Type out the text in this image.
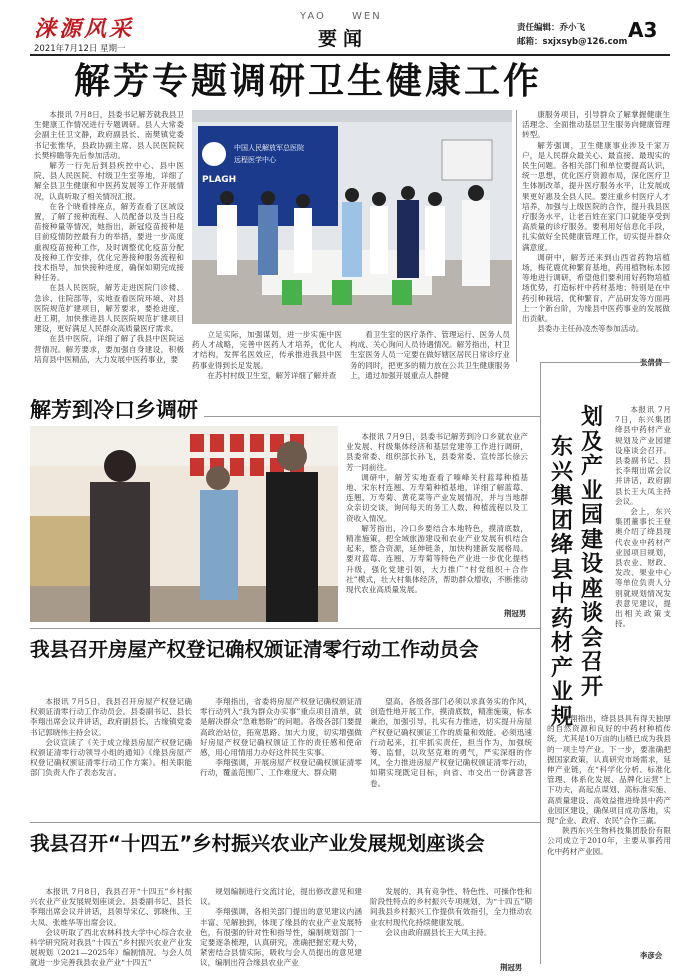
涞源风采
2021年7月12日 星期一
YAO	WEN
要闻	责任编辑：乔小飞
邮箱：sxjxsyb@126.com A3
解芳专题调研卫生健康工作

本报讯 7月8日，县委书记解芳就我县卫生健康工作情况进行专题调研。县人大常委会副主任卫文静，政府副县长、南樊镇党委书记张惟华，县政协副主席、县人民医院院长樊梓瞻等先后参加活动。

解芳一行先后到县疾控中心、县中医院、县人民医院、村级卫生室等地，详细了解全县卫生健康和中医药发展等工作开展情况，认真听取了相关情况汇报。

在各个晓看排座点，解芳查看了区域设置，了解了接种流程、人员配备以及当日疫苗接种量等情况，她指出，新冠疫苗接种是目前疫情防控最有力的举措，要进一步高度重视疫苗接种工作，及时调整优化疫苗分配及接种工作安排，优化完善接种服务流程和技术指导，加快接种进度，确保如期完成接种任务。

在县人民医院，解芳走进医院门诊楼、急诊、住院部等，实地查看医院环境、对县医院规范扩建项目，解芳要求，要抢进度、赶工期，加快推进县人民医院规范扩建项目建设，更好满足人民群众高质量医疗需求。

在县中医院，详细了解了我县中医院运营情况。解芳要求，要加强自身建设，积极培育县中医精品，大力发展中医药事业，要

中国人民解放军总医院
远程医学中心
PLAGH

立足实际，加强谋划，进一步实施中医药人才战略，完善中医药人才培养，优化人才结构，发挥名医效应，传承推进我县中医药事业得到长足发展。

在苏村村级卫生室，解芳详细了解并查

看卫生室的医疗条件、管理运行、医务人员构成、关心询问人员待遇情况。解芳指出，村卫生室医务人员一定要在做好辖区居民日常诊疗业务的同时，把更多的精力放在公共卫生健康服务上，通过加强开展重点人群健

康服务项目，引导群众了解掌握健康生活理念、全面推动基层卫生服务向健康管理转型。

解芳强调，卫生健康事业涉及千家万户，是人民群众最关心、最直接、最现实的民生问题。各相关部门和单位要提高认识，统一思想，优化医疗资源布局，深化医疗卫生体制改革，提升医疗服务水平，让发展成果更好惠及全县人民。要注重乡村医疗人才培养，加强与上级医院的合作，提升我县医疗服务水平，让老百姓在家门口就能享受到高质量的诊疗服务。要利用好信息化手段，扎实做好全民健康管理工作，切实提升群众满意度。

调研中，解芳还来到山西省药物培植场，梅花鹿优种繁育基地，药用植物标本园等地进行调研，希望他们要利用好药物培植场优势，打造标杆中药材基地；特别是在中药引种栽培、优种繁育、产品研发等方面再上一个新台阶，为缘县中医药事业的发展做出贡献。

县委办主任孙凌杰等参加活动。

解芳到冷口乡调研

本报讯 7月9日，县委书记解芳到冷口乡就农业产业发展、村级集体经济和基层党建等工作进行调研，县委常委、组织部长孙飞，县委常委、宣传部长徐云芳一同前往。

调研中，解芳实地查看了嗪峰关村蓝莓种植基地、宋东村连翘、万寿菊种植基地，详细了解蓝莓、连翘、万寿菊、黄花菜等产业发展情况，并与当地群众亲切交谈，询问每天的务工人数、种植流程以及工资收入情况。

解芳指出，冷口乡要结合本地特色，摸清底数，精准施策，把全域旅游建设和农业产业发展有机结合起来，整合资源，延伸链条，加快构建新发展格局。要对蓝莓、连翘、万寿菊等特色产业进一步优化提档升级，强化党建引领，大力推广“村党组织＋合作社”模式，壮大村集体经济，帮助群众增收，不断推动现代农业高质量发展。

荆冠男
东兴集团绛县中药材产业规
划及产业园建设座谈会召开

本报讯 7月7日，东兴集团绛县中药材产业规划及产业园建设座谈会召开。县委副书记、县长李翔出席会议并讲话，政府副县长王大凤主持会议。

会上，东兴集团董事长王登奥介绍了绛县现代农业中药材产业园项目规划，县农业、财政、发改、果业中心等单位负责人分别就规划情况发表意见建议，提出相关政策支持。

李翔指出，绛县县具有得天独厚的自然资源和良好的中药材种植传统，尤其是10万亩的山楂已成为我县的一项主导产业。下一步，要准确把握国家政策，认真研究市场需求，延伸产业链，在“科学化分析、标准化管理、体系化发展、品牌化运营”上下功夫，高起点谋划、高标准实施、高质量建设、高效益推进绛县中药产业园区建设，确保项目成功落地，实现“企业、政府、农民”合作三赢。

陕西东兴生物科技集团股份有限公司成立于2010年，主要从事药用化中药材产业园。

李彦会
我县召开房屋产权登记确权颁证清零行动工作动员会

本报讯 7月5日，我县召开房屋产权登记确权颁证清零行动工作动员会。县委副书记、县长李翔出席会议并讲话，政府副县长、古缘镇党委书记郭晓伟主持会议。

会议宣读了《关于成立缘县房屋产权登记确权颁证清零行动领导小组的通知》《缘县房屋产权登记确权颁证清零行动工作方案》。相关职能部门负责人作了表态发言。

李翔指出，省委将房屋产权登记确权颁证清零行动列入“我为群众办实事”重点项目清单，就是解决群众“急难愁盼”的问题。各级各部门要提高政治站位，拓宽思路、加大力度，切实增强做好房屋产权登记确权颁证工作的责任感和使命感，用心用情用力办好这件民生实事。

李翔强调，开展房屋产权登记确权颁证清零行动，覆盖范围广、工作难度大、群众期

望高。各级各部门必须以求真务实的作风，创造性地开展工作，摸清底数，精准施策，标本兼治，加强引导，扎实有力推进，切实提升房屋产权登记确权颁证工作的质量和效能。必须迅速行动起来，扛牢抓实责任，担当作为，加强统筹、监督，以攻坚克难的勇气，严实深细的作风，全力推进房屋产权登记确权颁证清零行动，如期实现既定目标，向省、市交出一份满意答卷。

我县召开“十四五”乡村振兴农业产业发展规划座谈会

本报讯 7月8日，我县召开“十四五”乡村振兴农业产业发展规划座谈会。县委副书记、县长李翔出席会议并讲话，县领导宋亿、郭晓伟、王大凤、张维华等出席会议。

会议听取了西北农林科技大学中心综合农业科学研究院对我县“十四五”乡村振兴农业产业发展规划（2021—2025年）编制情况。与会人员就进一步完善我县农业产业“十四五”

规划编制进行交流讨论，提出修改意见和建议。

李翔强调，各相关部门提出的意见建议内涵丰富、见解独到，体现了缘县的农业产业发展特色，有很强的针对性和指导性，编制规划部门一定要逐条梳理，认真研究，准确把握宏观大势，紧密结合县情实际，吸收与会人员提出的意见建议，编制出符合缘县农业产业

发展的、具有竞争性、特色性、可操作性和阶段性特点的乡村振兴专项规划，为“十四五”期间我县乡村振兴工作提供有效指引，全力推动农业农村现代化持续健康发展。

会议由政府副县长王大凤主持。

荆冠男
